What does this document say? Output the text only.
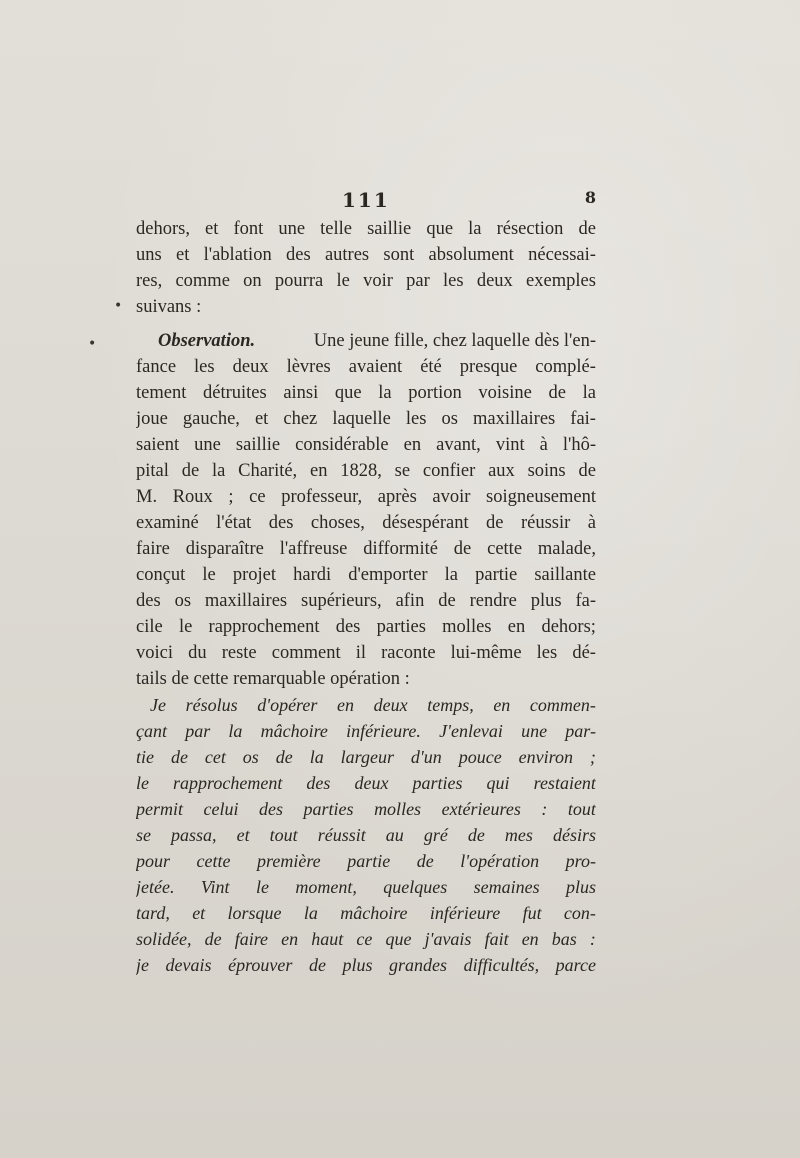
•
•
111	8
dehors, et font une telle saillie que la résection de
uns et l'ablation des autres sont absolument nécessai-
res, comme on pourra le voir par les deux exemples
suivans :
Observation.	Une jeune fille, chez laquelle dès l'en-
fance les deux lèvres avaient été presque complé-
tement détruites ainsi que la portion voisine de la
joue gauche, et chez laquelle les os maxillaires fai-
saient une saillie considérable en avant, vint à l'hô-
pital de la Charité, en 1828, se confier aux soins de
M. Roux ; ce professeur, après avoir soigneusement
examiné l'état des choses, désespérant de réussir à
faire disparaître l'affreuse difformité de cette malade,
conçut le projet hardi d'emporter la partie saillante
des os maxillaires supérieurs, afin de rendre plus fa-
cile le rapprochement des parties molles en dehors;
voici du reste comment il raconte lui-même les dé-
tails de cette remarquable opération :
Je résolus d'opérer en deux temps, en commen-
çant par la mâchoire inférieure. J'enlevai une par-
tie de cet os de la largeur d'un pouce environ ;
le rapprochement des deux parties qui restaient
permit celui des parties molles extérieures : tout
se passa, et tout réussit au gré de mes désirs
pour cette première partie de l'opération pro-
jetée. Vint le moment, quelques semaines plus
tard, et lorsque la mâchoire inférieure fut con-
solidée, de faire en haut ce que j'avais fait en bas :
je devais éprouver de plus grandes difficultés, parce
